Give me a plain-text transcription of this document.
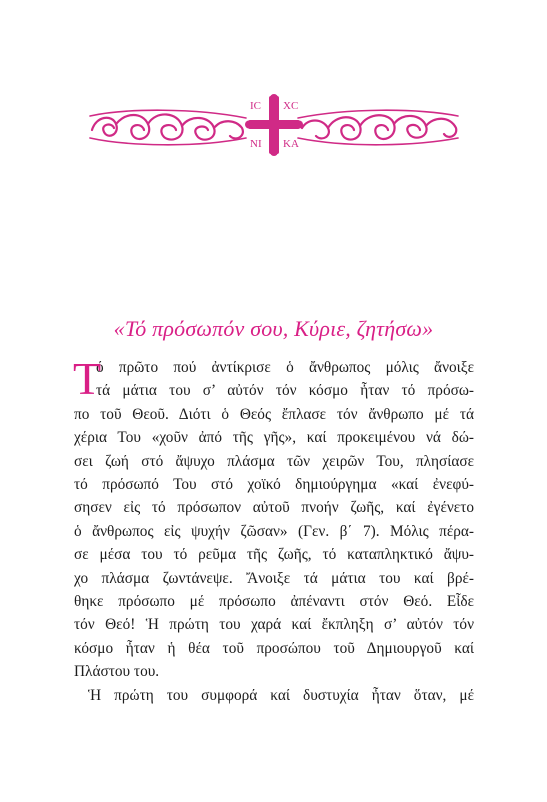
IC XC
NI KA
«Τό πρόσωπόν σου, Κύριε, ζητήσω»
Τ
ό πρῶτο πού ἀντίκρισε ὁ ἄνθρωπος μόλις ἄνοιξε
τά μάτια του σ’ αὐτόν τόν κόσμο ἦταν τό πρόσω-
πο τοῦ Θεοῦ. Διότι ὁ Θεός ἔπλασε τόν ἄνθρωπο μέ τά
χέρια Του «χοῦν ἀπό τῆς γῆς», καί προκειμένου νά δώ-
σει ζωή στό ἄψυχο πλάσμα τῶν χειρῶν Του, πλησίασε
τό πρόσωπό Του στό χοϊκό δημιούργημα «καί ἐνεφύ-
σησεν εἰς τό πρόσωπον αὐτοῦ πνοήν ζωῆς, καί ἐγένετο
ὁ ἄνθρωπος εἰς ψυχήν ζῶσαν» (Γεν. β΄ 7). Μόλις πέρα-
σε μέσα του τό ρεῦμα τῆς ζωῆς, τό καταπληκτικό ἄψυ-
χο πλάσμα ζωντάνεψε. Ἄνοιξε τά μάτια του καί βρέ-
θηκε πρόσωπο μέ πρόσωπο ἀπέναντι στόν Θεό. Εἶδε
τόν Θεό! Ἡ πρώτη του χαρά καί ἔκπληξη σ’ αὐτόν τόν
κόσμο ἦταν ἡ θέα τοῦ προσώπου τοῦ Δημιουργοῦ καί
Πλάστου του.
Ἡ πρώτη του συμφορά καί δυστυχία ἦταν ὅταν, μέ
